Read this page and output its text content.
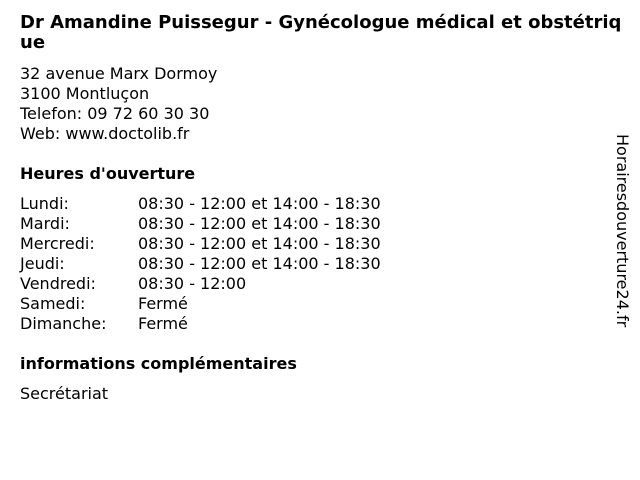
Dr Amandine Puissegur - Gynécologue médical et obstétrique
32 avenue Marx Dormoy
3100 Montluçon
Telefon: 09 72 60 30 30
Web: www.doctolib.fr
Heures d'ouverture
Lundi:	08:30 - 12:00 et 14:00 - 18:30
Mardi:	08:30 - 12:00 et 14:00 - 18:30
Mercredi:	08:30 - 12:00 et 14:00 - 18:30
Jeudi:	08:30 - 12:00 et 14:00 - 18:30
Vendredi:	08:30 - 12:00
Samedi:	Fermé
Dimanche: Fermé
informations complémentaires
Secrétariat
Horairesdouverture24.fr
